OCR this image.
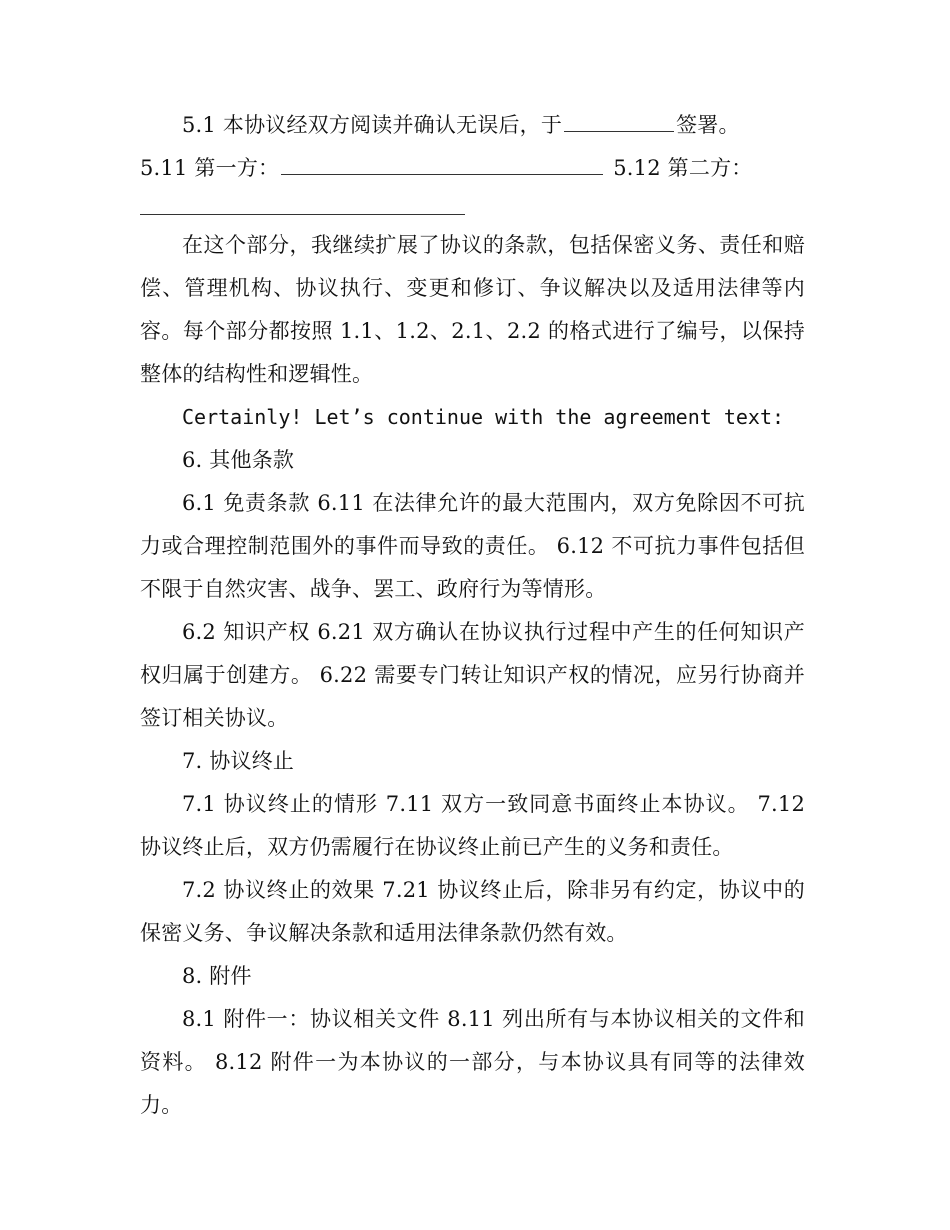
5.1 本协议经双方阅读并确认无误后，于	签署。

5.11 第一方：	5.12 第二方：

在这个部分，我继续扩展了协议的条款，包括保密义务、责任和赔偿、管理机构、协议执行、变更和修订、争议解决以及适用法律等内容。每个部分都按照 1.1、1.2、2.1、2.2 的格式进行了编号，以保持整体的结构性和逻辑性。

Certainly! Let’s continue with the agreement text:

6. 其他条款

6.1 免责条款 6.11 在法律允许的最大范围内，双方免除因不可抗力或合理控制范围外的事件而导致的责任。 6.12 不可抗力事件包括但不限于自然灾害、战争、罢工、政府行为等情形。

6.2 知识产权 6.21 双方确认在协议执行过程中产生的任何知识产权归属于创建方。 6.22 需要专门转让知识产权的情况，应另行协商并签订相关协议。

7. 协议终止

7.1 协议终止的情形 7.11 双方一致同意书面终止本协议。 7.12 协议终止后，双方仍需履行在协议终止前已产生的义务和责任。

7.2 协议终止的效果 7.21 协议终止后，除非另有约定，协议中的保密义务、争议解决条款和适用法律条款仍然有效。

8. 附件

8.1 附件一：协议相关文件 8.11 列出所有与本协议相关的文件和资料。 8.12 附件一为本协议的一部分，与本协议具有同等的法律效力。
